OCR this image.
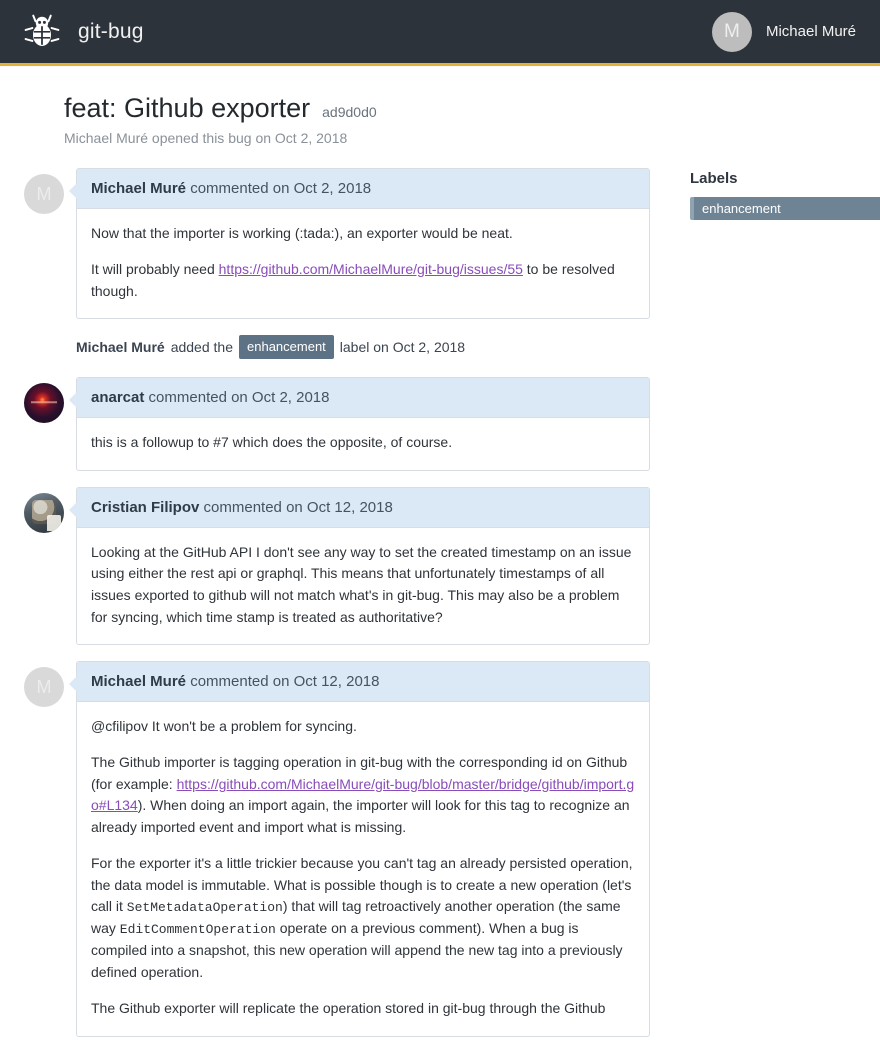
git-bug	M	Michael Muré
feat: Github exporter ad9d0d0
Michael Muré opened this bug on Oct 2, 2018
M	Michael Muré commented on Oct 2, 2018

Now that the importer is working (:tada:), an exporter would be neat.

It will probably need https://github.com/MichaelMure/git-bug/issues/55 to be resolved though.

Michael Muré added the	enhancement	label on Oct 2, 2018
anarcat commented on Oct 2, 2018

this is a followup to #7 which does the opposite, of course.

Cristian Filipov commented on Oct 12, 2018

Looking at the GitHub API I don't see any way to set the created timestamp on an issue using either the rest api or graphql. This means that unfortunately timestamps of all issues exported to github will not match what's in git-bug. This may also be a problem for syncing, which time stamp is treated as authoritative?

M	Michael Muré commented on Oct 12, 2018

@cfilipov It won't be a problem for syncing.

The Github importer is tagging operation in git-bug with the corresponding id on Github (for example: https://github.com/MichaelMure/git-bug/blob/master/bridge/github/import.go#L134). When doing an import again, the importer will look for this tag to recognize an already imported event and import what is missing.

For the exporter it's a little trickier because you can't tag an already persisted operation, the data model is immutable. What is possible though is to create a new operation (let's call it SetMetadataOperation) that will tag retroactively another operation (the same way EditCommentOperation operate on a previous comment). When a bug is compiled into a snapshot, this new operation will append the new tag into a previously defined operation.

The Github exporter will replicate the operation stored in git-bug through the Github

Labels
enhancement
